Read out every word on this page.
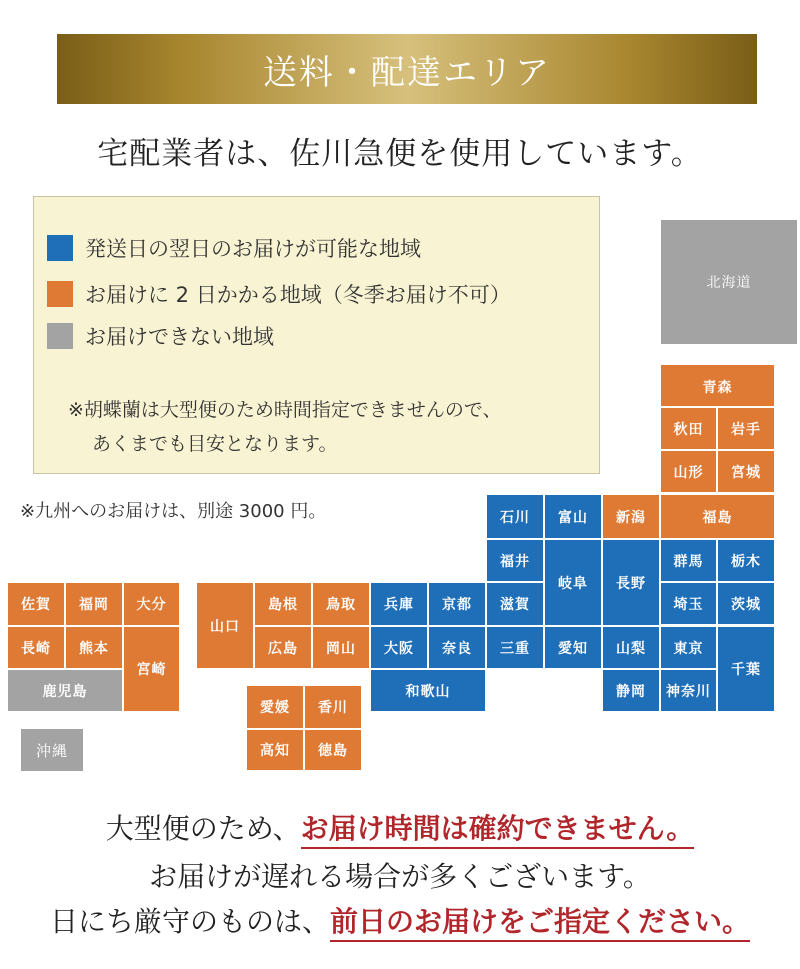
送料・配達エリア
宅配業者は、佐川急便を使用しています。
発送日の翌日のお届けが可能な地域
お届けに 2 日かかる地域（冬季お届け不可）
お届けできない地域
※胡蝶蘭は大型便のため時間指定できませんので、
あくまでも目安となります。
※九州へのお届けは、別途 3000 円。
北海道
青森
秋田	岩手
山形	宮城
福島
新潟
群馬	栃木
埼玉	茨城
東京
千葉
神奈川
山梨
静岡
長野
石川	富山
福井
岐阜
滋賀
三重	愛知
兵庫	京都
大阪	奈良
和歌山
島根	鳥取
広島	岡山
山口
愛媛	香川
高知	徳島
佐賀	福岡	大分
長崎	熊本
宮崎
鹿児島
沖縄
大型便のため、お届け時間は確約できません。
お届けが遅れる場合が多くございます。
日にち厳守のものは、前日のお届けをご指定ください。
